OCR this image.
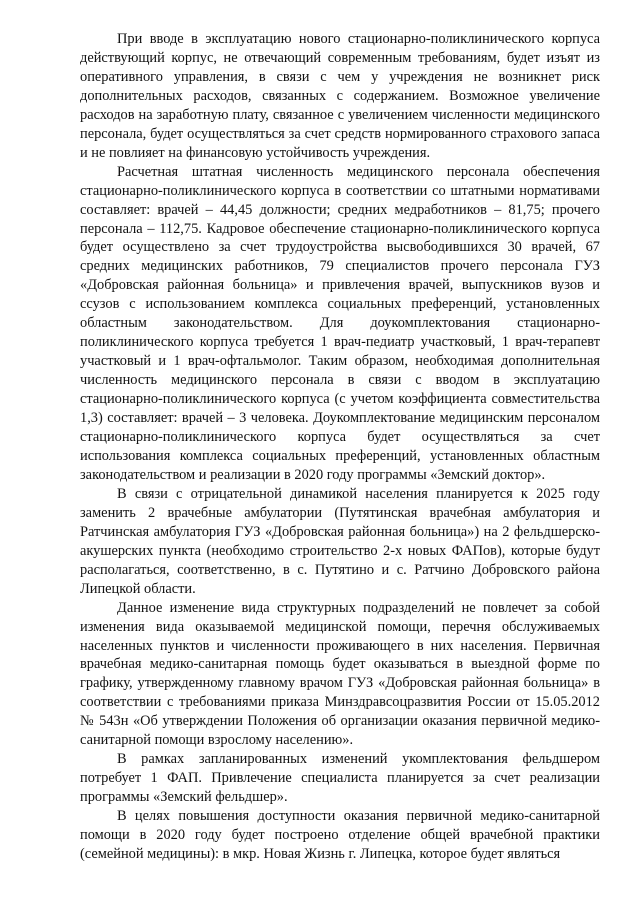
При вводе в эксплуатацию нового стационарно-поликлинического корпуса действующий корпус, не отвечающий современным требованиям, будет изъят из оперативного управления, в связи с чем у учреждения не возникнет риск дополнительных расходов, связанных с содержанием. Возможное увеличение расходов на заработную плату, связанное с увеличением численности медицинского персонала, будет осуществляться за счет средств нормированного страхового запаса и не повлияет на финансовую устойчивость учреждения.

Расчетная штатная численность медицинского персонала обеспечения стационарно-поликлинического корпуса в соответствии со штатными нормативами составляет: врачей – 44,45 должности; средних медработников – 81,75; прочего персонала – 112,75. Кадровое обеспечение стационарно-поликлинического корпуса будет осуществлено за счет трудоустройства высвободившихся 30 врачей, 67 средних медицинских работников, 79 специалистов прочего персонала ГУЗ «Добровская районная больница» и привлечения врачей, выпускников вузов и ссузов с использованием комплекса социальных преференций, установленных областным законодательством. Для доукомплектования стационарно-поликлинического корпуса требуется 1 врач-педиатр участковый, 1 врач-терапевт участковый и 1 врач-офтальмолог. Таким образом, необходимая дополнительная численность медицинского персонала в связи с вводом в эксплуатацию стационарно-поликлинического корпуса (с учетом коэффициента совместительства 1,3) составляет: врачей – 3 человека. Доукомплектование медицинским персоналом стационарно-поликлинического корпуса будет осуществляться за счет использования комплекса социальных преференций, установленных областным законодательством и реализации в 2020 году программы «Земский доктор».

В связи с отрицательной динамикой населения планируется к 2025 году заменить 2 врачебные амбулатории (Путятинская врачебная амбулатория и Ратчинская амбулатория ГУЗ «Добровская районная больница») на 2 фельдшерско-акушерских пункта (необходимо строительство 2-х новых ФАПов), которые будут располагаться, соответственно, в с. Путятино и с. Ратчино Добровского района Липецкой области.

Данное изменение вида структурных подразделений не повлечет за собой изменения вида оказываемой медицинской помощи, перечня обслуживаемых населенных пунктов и численности проживающего в них населения. Первичная врачебная медико-санитарная помощь будет оказываться в выездной форме по графику, утвержденному главному врачом ГУЗ «Добровская районная больница» в соответствии с требованиями приказа Минздравсоцразвития России от 15.05.2012 № 543н «Об утверждении Положения об организации оказания первичной медико-санитарной помощи взрослому населению».

В рамках запланированных изменений укомплектования фельдшером потребует 1 ФАП. Привлечение специалиста планируется за счет реализации программы «Земский фельдшер».

В целях повышения доступности оказания первичной медико-санитарной помощи в 2020 году будет построено отделение общей врачебной практики (семейной медицины): в мкр. Новая Жизнь г. Липецка, которое будет являться
